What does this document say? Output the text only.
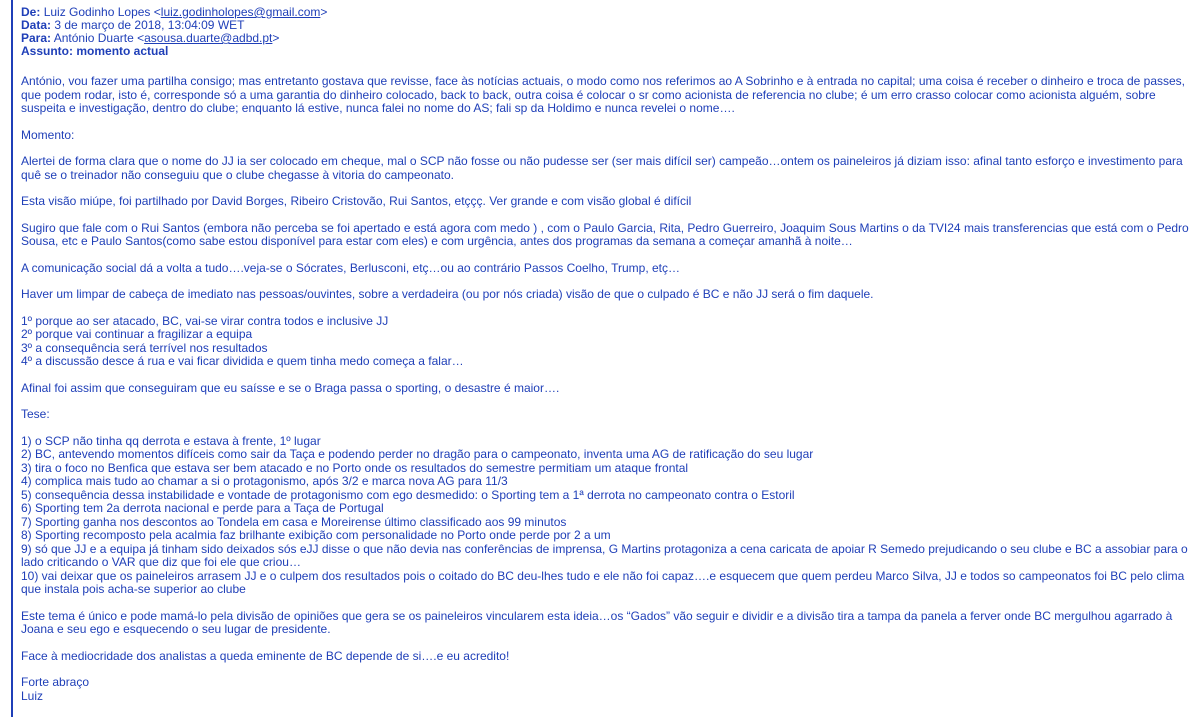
De: Luiz Godinho Lopes <luiz.godinholopes@gmail.com>
Data: 3 de março de 2018, 13:04:09 WET
Para: António Duarte <asousa.duarte@adbd.pt>
Assunto: momento actual

António, vou fazer uma partilha consigo; mas entretanto gostava que revisse, face às notícias actuais, o modo como nos referimos ao A Sobrinho e à entrada no capital; uma coisa é receber o dinheiro e troca de passes, que podem rodar, isto é, corresponde só a uma garantia do dinheiro colocado, back to back, outra coisa é colocar o sr como acionista de referencia no clube; é um erro crasso colocar como acionista alguém, sobre suspeita e investigação, dentro do clube; enquanto lá estive, nunca falei no nome do AS; fali sp da Holdimo e nunca revelei o nome….

Momento:

Alertei de forma clara que o nome do JJ ia ser colocado em cheque, mal o SCP não fosse ou não pudesse ser (ser mais difícil ser) campeão…ontem os paineleiros já diziam isso: afinal tanto esforço e investimento para quê se o treinador não conseguiu que o clube chegasse à vitoria do campeonato.

Esta visão miúpe, foi partilhado por David Borges, Ribeiro Cristovão, Rui Santos, etççç. Ver grande e com visão global é difícil

Sugiro que fale com o Rui Santos (embora não perceba se foi apertado e está agora com medo ) , com o Paulo Garcia, Rita, Pedro Guerreiro, Joaquim Sous Martins o da TVI24 mais transferencias que está com o Pedro Sousa, etc e Paulo Santos(como sabe estou disponível para estar com eles) e com urgência, antes dos programas da semana a começar amanhã à noite…

A comunicação social dá a volta a tudo….veja-se o Sócrates, Berlusconi, etç…ou ao contrário Passos Coelho, Trump, etç…

Haver um limpar de cabeça de imediato nas pessoas/ouvintes, sobre a verdadeira (ou por nós criada) visão de que o culpado é BC e não JJ será o fim daquele.

1º porque ao ser atacado, BC, vai-se virar contra todos e inclusive JJ
2º porque vai continuar a fragilizar a equipa
3º a consequência será terrível nos resultados
4º a discussão desce á rua e vai ficar dividida e quem tinha medo começa a falar…

Afinal foi assim que conseguiram que eu saísse e se o Braga passa o sporting, o desastre é maior….

Tese:

1) o SCP não tinha qq derrota e estava à frente, 1º lugar
2) BC, antevendo momentos difíceis como sair da Taça e podendo perder no dragão para o campeonato, inventa uma AG de ratificação do seu lugar
3) tira o foco no Benfica que estava ser bem atacado e no Porto onde os resultados do semestre permitiam um ataque frontal
4) complica mais tudo ao chamar a si o protagonismo, após 3/2 e marca nova AG para 11/3
5) consequência dessa instabilidade e vontade de protagonismo com ego desmedido: o Sporting tem a 1ª derrota no campeonato contra o Estoril
6) Sporting tem 2a derrota nacional e perde para a Taça de Portugal
7) Sporting ganha nos descontos ao Tondela em casa e Moreirense último classificado aos 99 minutos
8) Sporting recomposto pela acalmia faz brilhante exibição com personalidade no Porto onde perde por 2 a um
9) só que JJ e a equipa já tinham sido deixados sós eJJ disse o que não devia nas conferências de imprensa, G Martins protagoniza a cena caricata de apoiar R Semedo prejudicando o seu clube e BC a assobiar para o lado criticando o VAR que diz que foi ele que criou…
10) vai deixar que os paineleiros arrasem JJ e o culpem dos resultados pois o coitado do BC deu-lhes tudo e ele não foi capaz….e esquecem que quem perdeu Marco Silva, JJ e todos so campeonatos foi BC pelo clima que instala pois acha-se superior ao clube

Este tema é único e pode mamá-lo pela divisão de opiniões que gera se os paineleiros vincularem esta ideia…os “Gados” vão seguir e dividir e a divisão tira a tampa da panela a ferver onde BC mergulhou agarrado à Joana e seu ego e esquecendo o seu lugar de presidente.

Face à mediocridade dos analistas a queda eminente de BC depende de si….e eu acredito!

Forte abraço

Luiz
